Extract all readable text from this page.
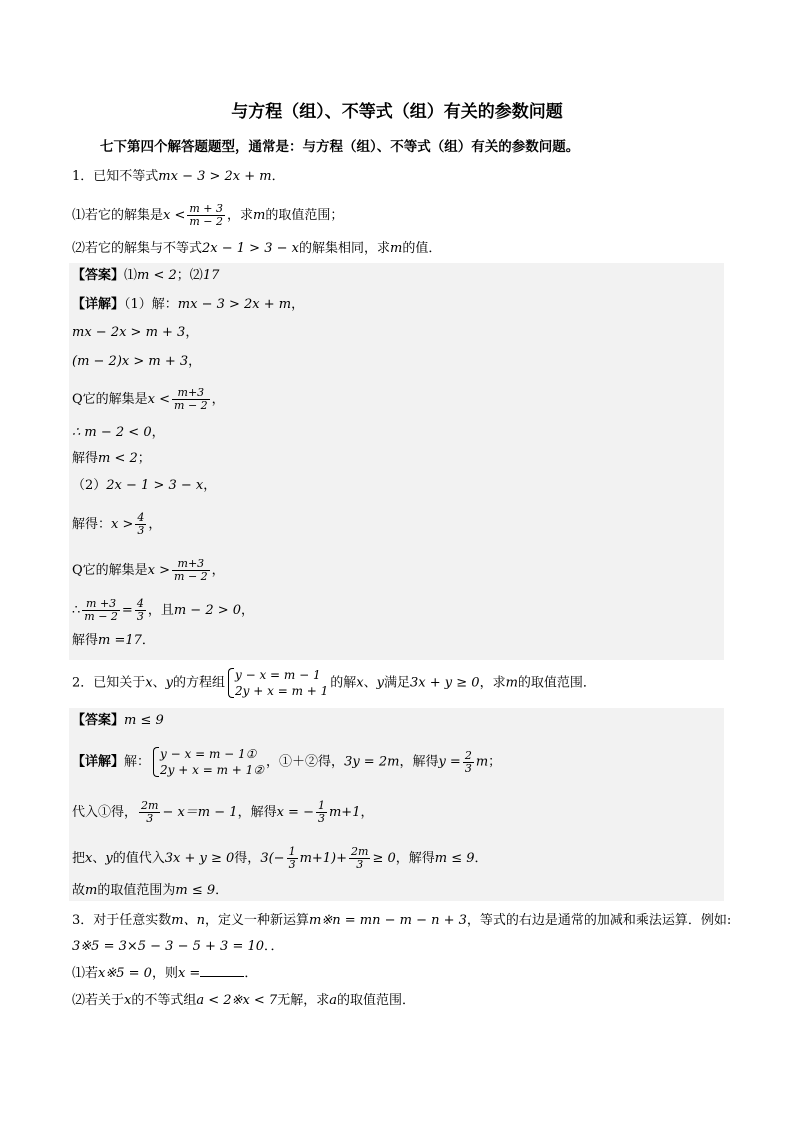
与方程（组）、不等式（组）有关的参数问题
七下第四个解答题题型，通常是：与方程（组）、不等式（组）有关的参数问题。
1．已知不等式mx − 3 > 2x + m．
⑴若它的解集是$x < \frac{m + 3}{m - 2}$ ，求m的取值范围；
⑵若它的解集与不等式2x − 1 > 3 − x的解集相同，求m的值．
【答案】⑴m < 2；⑵17
【详解】（1）解：mx − 3 > 2x + m，
mx − 2x > m + 3，
(m − 2)x > m + 3，
Q它的解集是$x < \frac{m+3}{m - 2}$ ，
∴ m − 2 < 0，
解得m < 2；
（2）2x − 1 > 3 − x，
解得：$x > \frac{4}{3}$ ，
Q它的解集是$x > \frac{m+3}{m - 2}$ ，
∴ $\frac{m +3}{m - 2} = \frac{4}{3}$ ，且m − 2 > 0，
解得m =17．
2．已知关于x、y的方程组
y − x = m − 1
2y + x = m + 1
的解x、y满足3x + y ≥ 0，求m的取值范围．
【答案】m ≤ 9
【详解】解：
y − x = m − 1①
2y + x = m + 1②
，①＋②得，3y = 2m，解得$y = \frac{2}{3}$ m；
代入①得， $\frac{2m}{3} - x=m - 1$，解得x = − $\frac{1}{3} m+1$，
把x、y的值代入3x + y ≥ 0得，$3(- \frac{1}{3} m+1)+ \frac{2m}{3} \ge 0$，解得m ≤ 9．
故m的取值范围为m ≤ 9．
3．对于任意实数m、n，定义一种新运算m※n = mn − m − n + 3，等式的右边是通常的加减和乘法运算．例如:
3※5 = 3×5 − 3 − 5 + 3 = 10．．
⑴若x※5 = 0，则x =	．
⑵若关于x的不等式组a < 2※x < 7无解，求a的取值范围．
